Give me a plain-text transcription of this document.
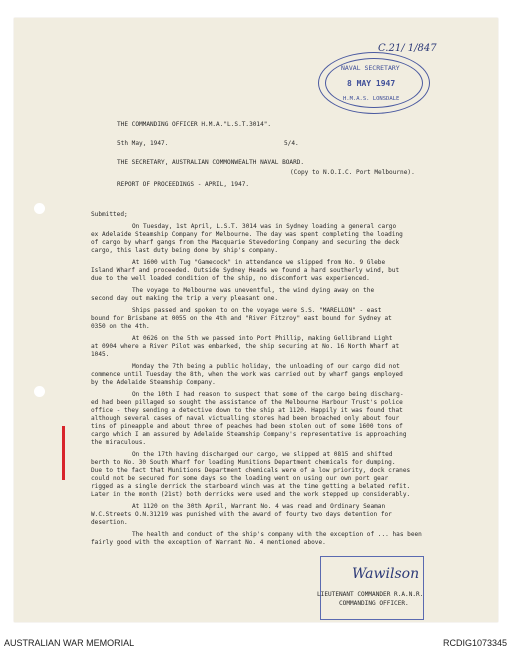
NAVAL SECRETARY
8 MAY 1947
H.M.A.S. LONSDALE
C.21/ 1/847
THE COMMANDING OFFICER H.M.A."L.S.T.3014".
5th May, 1947.	5/4.
THE SECRETARY, AUSTRALIAN COMMONWEALTH NAVAL BOARD.
(Copy to N.O.I.C. Port Melbourne).
REPORT OF PROCEEDINGS - APRIL, 1947.
Submitted;
On Tuesday, 1st April, L.S.T. 3014 was in Sydney loading a general cargo
ex Adelaide Steamship Company for Melbourne. The day was spent completing the loading
of cargo by wharf gangs from the Macquarie Stevedoring Company and securing the deck
cargo, this last duty being done by ship's company.
At 1600 with Tug "Gamecock" in attendance we slipped from No. 9 Glebe
Island Wharf and proceeded. Outside Sydney Heads we found a hard southerly wind, but
due to the well loaded condition of the ship, no discomfort was experienced.
The voyage to Melbourne was uneventful, the wind dying away on the
second day out making the trip a very pleasant one.
Ships passed and spoken to on the voyage were S.S. "MARELLON" - east
bound for Brisbane at 0055 on the 4th and "River Fitzroy" east bound for Sydney at
0350 on the 4th.
At 0626 on the 5th we passed into Port Phillip, making Gellibrand Light
at 0904 where a River Pilot was embarked, the ship securing at No. 16 North Wharf at
1045.
Monday the 7th being a public holiday, the unloading of our cargo did not
commence until Tuesday the 8th, when the work was carried out by wharf gangs employed
by the Adelaide Steamship Company.
On the 10th I had reason to suspect that some of the cargo being discharg-
ed had been pillaged so sought the assistance of the Melbourne Harbour Trust's police
office - they sending a detective down to the ship at 1120. Happily it was found that
although several cases of naval victualling stores had been broached only about four
tins of pineapple and about three of peaches had been stolen out of some 1600 tons of
cargo which I am assured by Adelaide Steamship Company's representative is approaching
the miraculous.
On the 17th having discharged our cargo, we slipped at 0815 and shifted
berth to No. 30 South Wharf for loading Munitions Department chemicals for dumping.
Due to the fact that Munitions Department chemicals were of a low priority, dock cranes
could not be secured for some days so the loading went on using our own port gear
rigged as a single derrick the starboard winch was at the time getting a belated refit.
Later in the month (21st) both derricks were used and the work stepped up considerably.
At 1120 on the 30th April, Warrant No. 4 was read and Ordinary Seaman
W.C.Streets O.N.31219 was punished with the award of fourty two days detention for
desertion.
The health and conduct of the ship's company with the exception of ... has been
fairly good with the exception of Warrant No. 4 mentioned above.
Wawilson
LIEUTENANT COMMANDER R.A.N.R.
COMMANDING OFFICER.
AUSTRALIAN WAR MEMORIAL	RCDIG1073345
